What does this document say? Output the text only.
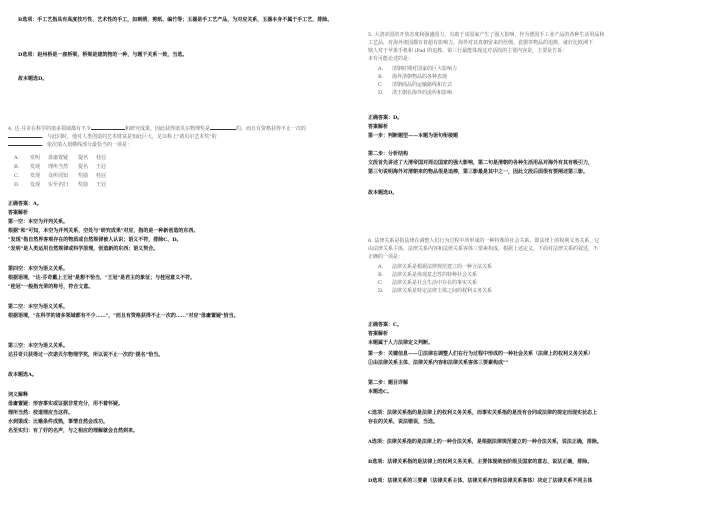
B选项：手工艺指具有高度技巧性、艺术性的手工，如刺绣、剪纸、编竹等；玉器是手工艺产品，为对应关系，玉器本身不属于手工艺，排除。
D选项：赵州桥是一座桥梁，桥梁是建筑物的一种，与题干关系一致，当选。
故本题选D。
4. 达·芬奇在科学的诸多领域都有不少	和研究成果，因此获得诸贝尔物理奖是	的，而且有资格获得不止一次的
。与此同时，他对人类创造的艺术财富是知此巨大，足以称上"诸贝尔艺术奖"的
。依次填入划横线部分最恰当的一项是：
A. 发明 毋庸置疑 提名 桂冠
B. 发现 理所当然 提名 王冠
C. 发现 众所周知 奖励 桂冠
D. 发现 实至名归 奖励 王冠
正确答案：A。
答案解析
第一空：本空为并列关系。
根据"和"可知，本空为并列关系，空处与"研究成果"对应，指的是一种新创造的东西。
"发现"指自然界客观存在的物质或自然规律被人认识；语义不符，排除C、D。
"发明"是人类运用自然规律或科学原理，创造新的东西；语义契合。
第四空：本空为语义关系。
根据语境，"达·芬奇戴上王冠"是想不恰当，"王冠"是君主的象征；与桂冠意义不符。
"桂冠"一般指光荣的称号，符合文意。
第二空：本空为语义关系。
根据语境，"在科学的诸多领域都有不少……"，"而且有资格获得不止一次的……"对应"毋庸置疑"恰当。
第三空：本空为语义关系。
达芬奇只获得过一次诺贝尔物理学奖，所以说不止一次的"提名"恰当。
故本题选A。
词义解释
毋庸置疑：形容事实或证据非常充分，用不着怀疑。
理所当然：按道理应当这样。
水到渠成：比喻条件成熟，事情自然会成功。
名至实归：有了好的名声，与之相应的理解就会自然到来。
5. 大清帝国的开放态度和强盛国力，有助于该国家产生了强大影响，作为德国手工业产品的各种生活用品和
工艺品，对海外诸国都有着超有影响力。海外对其真朝贸来的丝绸、瓷器等物品的追捧，就好比欧洲下
辖人对于苹果手机和 iPad 的追捧。第三行最能体现这对话段的主要内容是，主要是告诉：
本有可能论述的是：
A. 清朝时期对国家的巨大影响力
B. 海外清朝物品的各种表现
C. 清朝商品的运输路线和方式
D. 清王朝在海外的流传和影响
正确答案：D。
答案解析
第一步：判断题型——本题为语句衔接题
第二步：分析结构
文段首先讲述了大清帝国对周边国家的强大影响，第二句是清朝的各种生活用品对海外有其有吸引力，
第三句说明海外对清朝来的物品很是追捧，第三影最是其中之一，因此文段后面很有要阐述第三影。
故本题选D。
6. 法律关系是指法律在调整人们行为过程中所形成的一种特殊的社会关系。即法律上的权利义务关系，它
由法律关系主体、法律关系内容和法律关系客体三要素构成。根据上述定义，下面对法律关系的叙述，不
正确的一项是：
A. 法律关系是根据法律规范建立的一种合法关系
B. 法律关系是体现意志性的特种社会关系
C. 法律关系是社会生活中存在的事实关系
D. 法律关系是特定法律主体之间的权利义务关系
正确答案：C。
答案解析
本题属于人力法律定义判断。
第一步：关键信息——①法律在调整人们在行为过程中形成的一种社会关系（法律上的权利义务关系）
②由法律关系主体、法律关系内容和法律关系客体三要素构成""
第二步：题目详解
本题选C。
C选项：法律关系指的是法律上的权利义务关系，而事实关系指的是没有合同或法律的规定而现实状态上
存在的关系，说法错误，当选。
A选项：法律关系指的是法律上的一种合法关系，是根据法律规范建立的一种合法关系，说法正确，排除。
B选项：法律关系指的是法律上的权利义务关系，主要体现统治阶级及国家的意志，说法正确，排除。
D选项：法律关系的三要素（法律关系主体、法律关系内容和法律关系客体）决定了法律关系不同主体
